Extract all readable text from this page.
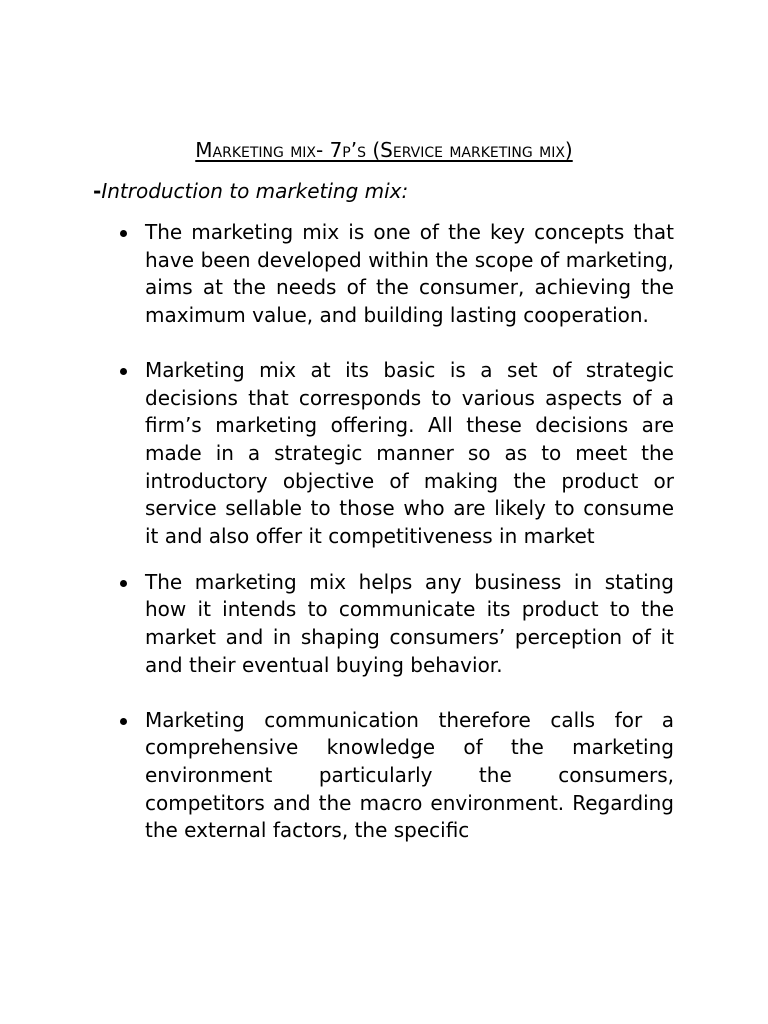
Marketing mix- 7p’s (Service marketing mix)
-Introduction to marketing mix:
The marketing mix is one of the key concepts that have been developed within the scope of marketing, aims at the needs of the consumer, achieving the maximum value, and building lasting cooperation.
Marketing mix at its basic is a set of strategic decisions that corresponds to various aspects of a firm’s marketing offering. All these decisions are made in a strategic manner so as to meet the introductory objective of making the product or service sellable to those who are likely to consume it and also offer it competitiveness in market
The marketing mix helps any business in stating how it intends to communicate its product to the market and in shaping consumers’ perception of it and their eventual buying behavior.
Marketing communication therefore calls for a comprehensive knowledge of the marketing environment particularly the consumers, competitors and the macro environment. Regarding the external factors, the specific
